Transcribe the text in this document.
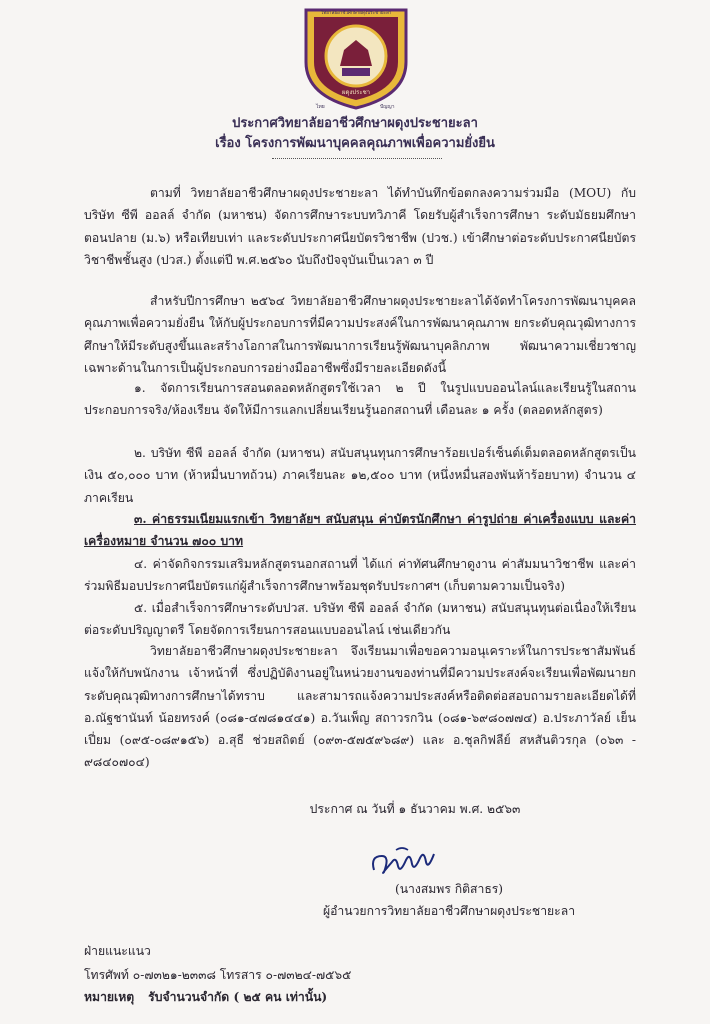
วิทยาลัยอาชีวศึกษาผดุงประชายะลา
ผดุงประชา
ไทย	ปัญญา
ประกาศวิทยาลัยอาชีวศึกษาผดุงประชายะลา
เรื่อง โครงการพัฒนาบุคคลคุณภาพเพื่อความยั่งยืน
ตามที่ วิทยาลัยอาชีวศึกษาผดุงประชายะลา ได้ทำบันทึกข้อตกลงความร่วมมือ (MOU) กับบริษัท ซีพี ออลล์ จำกัด (มหาชน) จัดการศึกษาระบบทวิภาคี โดยรับผู้สำเร็จการศึกษา ระดับมัธยมศึกษาตอนปลาย (ม.๖) หรือเทียบเท่า และระดับประกาศนียบัตรวิชาชีพ (ปวช.) เข้าศึกษาต่อระดับประกาศนียบัตรวิชาชีพชั้นสูง (ปวส.) ตั้งแต่ปี พ.ศ.๒๕๖๐ นับถึงปัจจุบันเป็นเวลา ๓ ปี
สำหรับปีการศึกษา ๒๕๖๔ วิทยาลัยอาชีวศึกษาผดุงประชายะลาได้จัดทำโครงการพัฒนาบุคคลคุณภาพเพื่อความยั่งยืน ให้กับผู้ประกอบการที่มีความประสงค์ในการพัฒนาคุณภาพ ยกระดับคุณวุฒิทางการศึกษาให้มีระดับสูงขึ้นและสร้างโอกาสในการพัฒนาการเรียนรู้พัฒนาบุคลิกภาพ พัฒนาความเชี่ยวชาญเฉพาะด้านในการเป็นผู้ประกอบการอย่างมืออาชีพซึ่งมีรายละเอียดดังนี้
๑. จัดการเรียนการสอนตลอดหลักสูตรใช้เวลา ๒ ปี ในรูปแบบออนไลน์และเรียนรู้ในสถานประกอบการจริง/ห้องเรียน จัดให้มีการแลกเปลี่ยนเรียนรู้นอกสถานที่ เดือนละ ๑ ครั้ง (ตลอดหลักสูตร)
๒. บริษัท ซีพี ออลล์ จำกัด (มหาชน) สนับสนุนทุนการศึกษาร้อยเปอร์เซ็นต์เต็มตลอดหลักสูตรเป็นเงิน ๕๐,๐๐๐ บาท (ห้าหมื่นบาทถ้วน) ภาคเรียนละ ๑๒,๕๐๐ บาท (หนึ่งหมื่นสองพันห้าร้อยบาท) จำนวน ๔ ภาคเรียน
๓. ค่าธรรมเนียมแรกเข้า วิทยาลัยฯ สนับสนุน ค่าบัตรนักศึกษา ค่ารูปถ่าย ค่าเครื่องแบบ และค่าเครื่องหมาย จำนวน ๗๐๐ บาท
๔. ค่าจัดกิจกรรมเสริมหลักสูตรนอกสถานที่ ได้แก่ ค่าทัศนศึกษาดูงาน ค่าสัมมนาวิชาชีพ และค่าร่วมพิธีมอบประกาศนียบัตรแก่ผู้สำเร็จการศึกษาพร้อมชุดรับประกาศฯ (เก็บตามความเป็นจริง)
๕. เมื่อสำเร็จการศึกษาระดับปวส. บริษัท ซีพี ออลล์ จำกัด (มหาชน) สนับสนุนทุนต่อเนื่องให้เรียนต่อระดับปริญญาตรี โดยจัดการเรียนการสอนแบบออนไลน์ เช่นเดียวกัน
วิทยาลัยอาชีวศึกษาผดุงประชายะลา จึงเรียนมาเพื่อขอความอนุเคราะห์ในการประชาสัมพันธ์แจ้งให้กับพนักงาน เจ้าหน้าที่ ซึ่งปฏิบัติงานอยู่ในหน่วยงานของท่านที่มีความประสงค์จะเรียนเพื่อพัฒนายกระดับคุณวุฒิทางการศึกษาได้ทราบ และสามารถแจ้งความประสงค์หรือติดต่อสอบถามรายละเอียดได้ที่ อ.ณัฐชานันท์ น้อยทรงค์ (๐๘๑-๔๗๘๑๔๔๑) อ.วันเพ็ญ สถาวรกวิน (๐๘๑-๖๙๘๐๗๗๔) อ.ประภาวัลย์ เย็นเปี่ยม (๐๙๕-๐๘๙๑๕๖) อ.สุธี ช่วยสถิตย์ (๐๙๓-๕๗๕๙๖๘๙) และ อ.ชุลกิฟลีย์ สหสันติวรกุล (๐๖๓ - ๙๘๔๐๗๐๔)
ประกาศ ณ วันที่ ๑ ธันวาคม พ.ศ. ๒๕๖๓
(นางสมพร กิติสาธร)
ผู้อำนวยการวิทยาลัยอาชีวศึกษาผดุงประชายะลา
ฝ่ายแนะแนว
โทรศัพท์ ๐-๗๓๒๑-๒๓๓๘ โทรสาร ๐-๗๓๒๔-๗๕๖๕
หมายเหตุ รับจำนวนจำกัด ( ๒๕ คน เท่านั้น)
